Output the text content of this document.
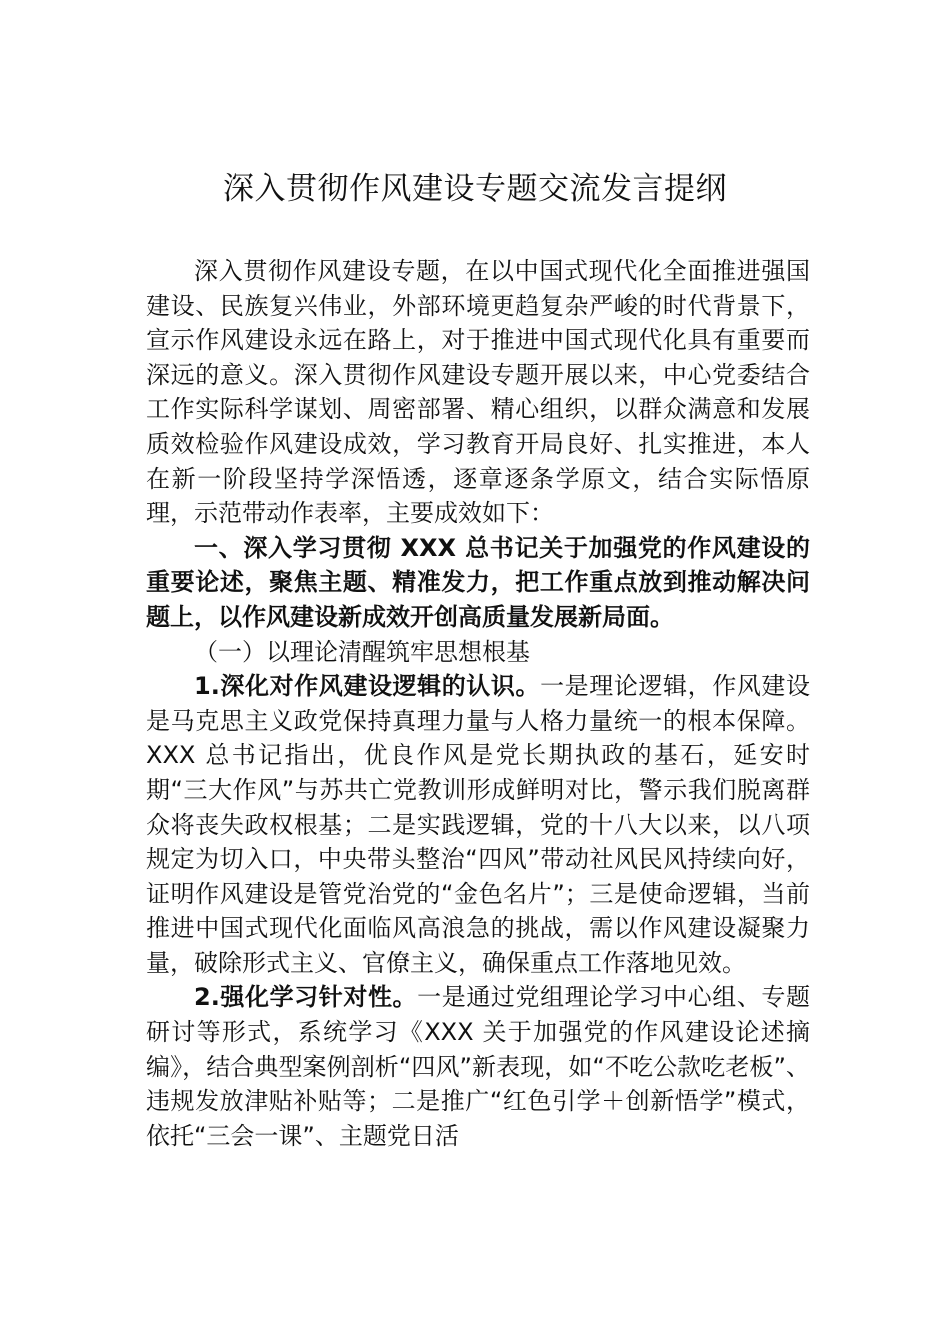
深入贯彻作风建设专题交流发言提纲

深入贯彻作风建设专题，在以中国式现代化全面推进强国建设、民族复兴伟业，外部环境更趋复杂严峻的时代背景下，宣示作风建设永远在路上，对于推进中国式现代化具有重要而深远的意义。深入贯彻作风建设专题开展以来，中心党委结合工作实际科学谋划、周密部署、精心组织，以群众满意和发展质效检验作风建设成效，学习教育开局良好、扎实推进，本人在新一阶段坚持学深悟透，逐章逐条学原文，结合实际悟原理，示范带动作表率，主要成效如下：

一、深入学习贯彻 XXX 总书记关于加强党的作风建设的重要论述，聚焦主题、精准发力，把工作重点放到推动解决问题上，以作风建设新成效开创高质量发展新局面。

（一）以理论清醒筑牢思想根基

1.深化对作风建设逻辑的认识。一是理论逻辑，作风建设是马克思主义政党保持真理力量与人格力量统一的根本保障。XXX 总书记指出，优良作风是党长期执政的基石，延安时期“三大作风”与苏共亡党教训形成鲜明对比，警示我们脱离群众将丧失政权根基；二是实践逻辑，党的十八大以来，以八项规定为切入口，中央带头整治“四风”带动社风民风持续向好，证明作风建设是管党治党的“金色名片”；三是使命逻辑，当前推进中国式现代化面临风高浪急的挑战，需以作风建设凝聚力量，破除形式主义、官僚主义，确保重点工作落地见效。

2.强化学习针对性。一是通过党组理论学习中心组、专题研讨等形式，系统学习《XXX 关于加强党的作风建设论述摘编》，结合典型案例剖析“四风”新表现，如“不吃公款吃老板”、违规发放津贴补贴等；二是推广“红色引学＋创新悟学”模式，依托“三会一课”、主题党日活
